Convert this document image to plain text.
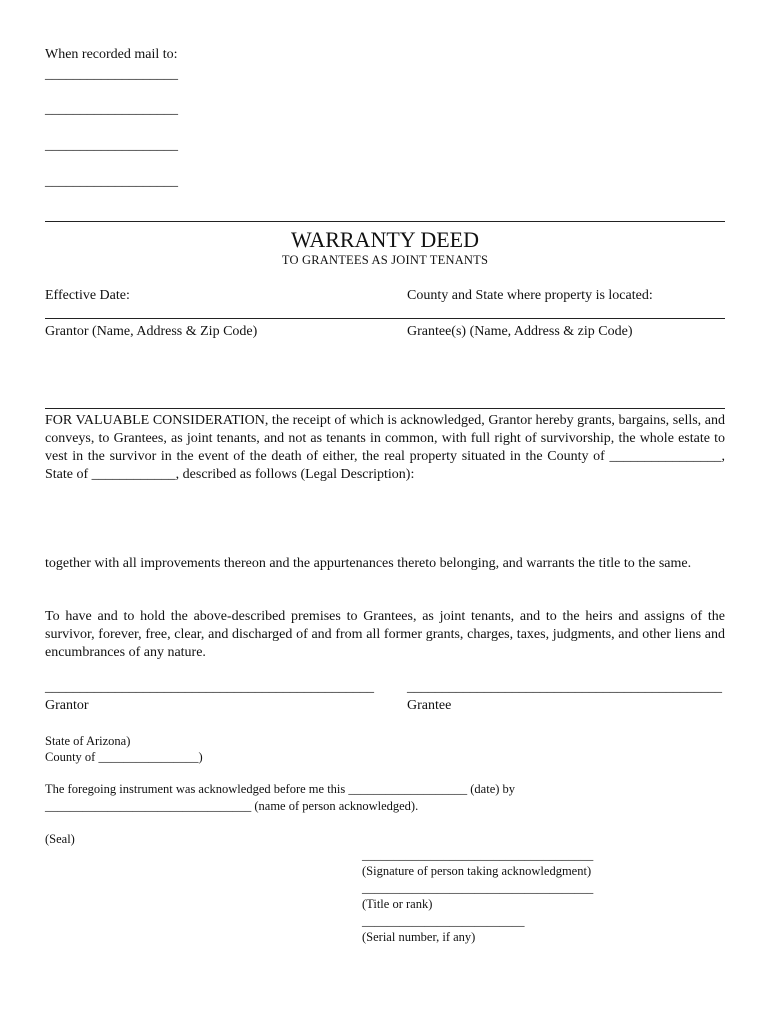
When recorded mail to:
___________________
___________________
___________________
___________________
WARRANTY DEED
TO GRANTEES AS JOINT TENANTS
Effective Date:	County and State where property is located:
Grantor (Name, Address & Zip Code)	Grantee(s) (Name, Address & zip Code)
FOR VALUABLE CONSIDERATION, the receipt of which is acknowledged, Grantor hereby grants, bargains, sells, and conveys, to Grantees, as joint tenants, and not as tenants in common, with full right of survivorship, the whole estate to vest in the survivor in the event of the death of either, the real property situated in the County of ________________, State of ____________, described as follows (Legal Description):
together with all improvements thereon and the appurtenances thereto belonging, and warrants the title to the same.
To have and to hold the above-described premises to Grantees, as joint tenants, and to the heirs and assigns of the survivor, forever, free, clear, and discharged of and from all former grants, charges, taxes, judgments, and other liens and encumbrances of any nature.
_______________________________________________ _____________________________________________
Grantor	Grantee
State of Arizona)
County of ________________)
The foregoing instrument was acknowledged before me this ___________________ (date) by
_________________________________ (name of person acknowledged).
(Seal)
_____________________________________
(Signature of person taking acknowledgment)
_____________________________________
(Title or rank)
__________________________
(Serial number, if any)
